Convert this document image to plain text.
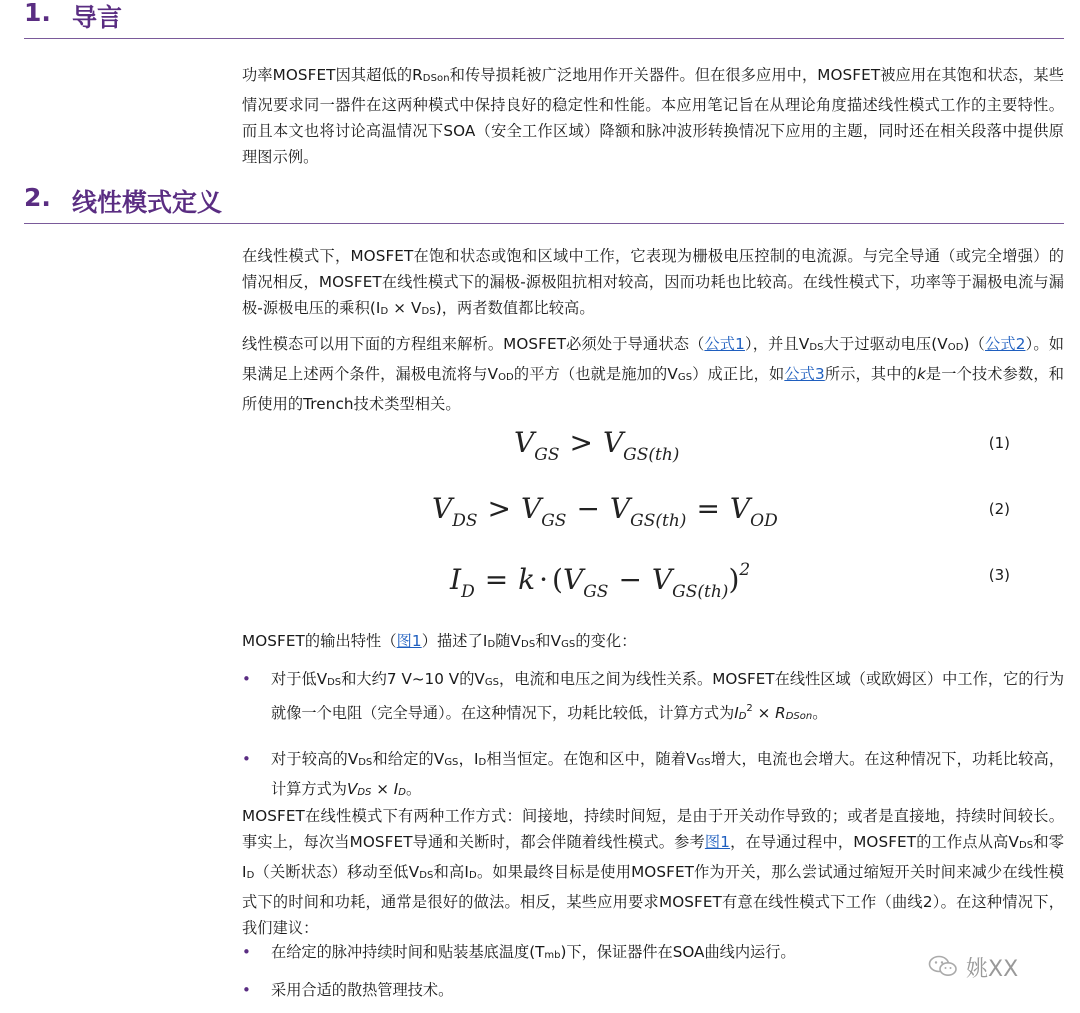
1. 导言

功率MOSFET因其超低的$R_{DSon}$和传导损耗被广泛地用作开关器件。但在很多应用中，MOSFET被应用在其饱和状态，某些情况要求同一器件在这两种模式中保持良好的稳定性和性能。本应用笔记旨在从理论角度描述线性模式工作的主要特性。而且本文也将讨论高温情况下SOA（安全工作区域）降额和脉冲波形转换情况下应用的主题，同时还在相关段落中提供原理图示例。

2. 线性模式定义

在线性模式下，MOSFET在饱和状态或饱和区域中工作，它表现为栅极电压控制的电流源。与完全导通（或完全增强）的情况相反，MOSFET在线性模式下的漏极-源极阻抗相对较高，因而功耗也比较高。在线性模式下，功率等于漏极电流与漏极-源极电压的乘积$(I_D \times V_{DS})$，两者数值都比较高。

线性模态可以用下面的方程组来解析。MOSFET必须处于导通状态（公式1），并且$V_{DS}$大于过驱动电压$(V_{OD})$（公式2）。如果满足上述两个条件，漏极电流将与$V_{OD}$的平方（也就是施加的$V_{GS}$）成正比，如公式3所示，其中的k是一个技术参数，和所使用的Trench技术类型相关。

$V_{GS} > V_{GS(th)}$
(1)
$V_{DS} > V_{GS} - V_{GS(th)} = V_{OD}$
(2)
$I_D = k \cdot (V_{GS} - V_{GS(th)})^2$	(3)

MOSFET的输出特性（图1）描述了$I_D$随$V_{DS}$和$V_{GS}$的变化：

• 对于低$V_{DS}$和大约7 V~10 V的$V_{GS}$，电流和电压之间为线性关系。MOSFET在线性区域（或欧姆区）中工作，它的行为就像一个电阻（完全导通）。在这种情况下，功耗比较低，计算方式为$I_D^2 \times R_{DSon}$。

• 对于较高的$V_{DS}$和给定的$V_{GS}$，$I_D$相当恒定。在饱和区中，随着$V_{GS}$增大，电流也会增大。在这种情况下，功耗比较高，计算方式为$V_{DS} \times I_D$。

MOSFET在线性模式下有两种工作方式：间接地，持续时间短，是由于开关动作导致的；或者是直接地，持续时间较长。事实上，每次当MOSFET导通和关断时，都会伴随着线性模式。参考图1，在导通过程中，MOSFET的工作点从高$V_{DS}$和零$I_D$（关断状态）移动至低$V_{DS}$和高$I_D$。如果最终目标是使用MOSFET作为开关，那么尝试通过缩短开关时间来减少在线性模式下的时间和功耗，通常是很好的做法。相反，某些应用要求MOSFET有意在线性模式下工作（曲线2）。在这种情况下，我们建议：

• 在给定的脉冲持续时间和贴装基底温度$(T_{mb})$下，保证器件在SOA曲线内运行。

• 采用合适的散热管理技术。

姚XX
